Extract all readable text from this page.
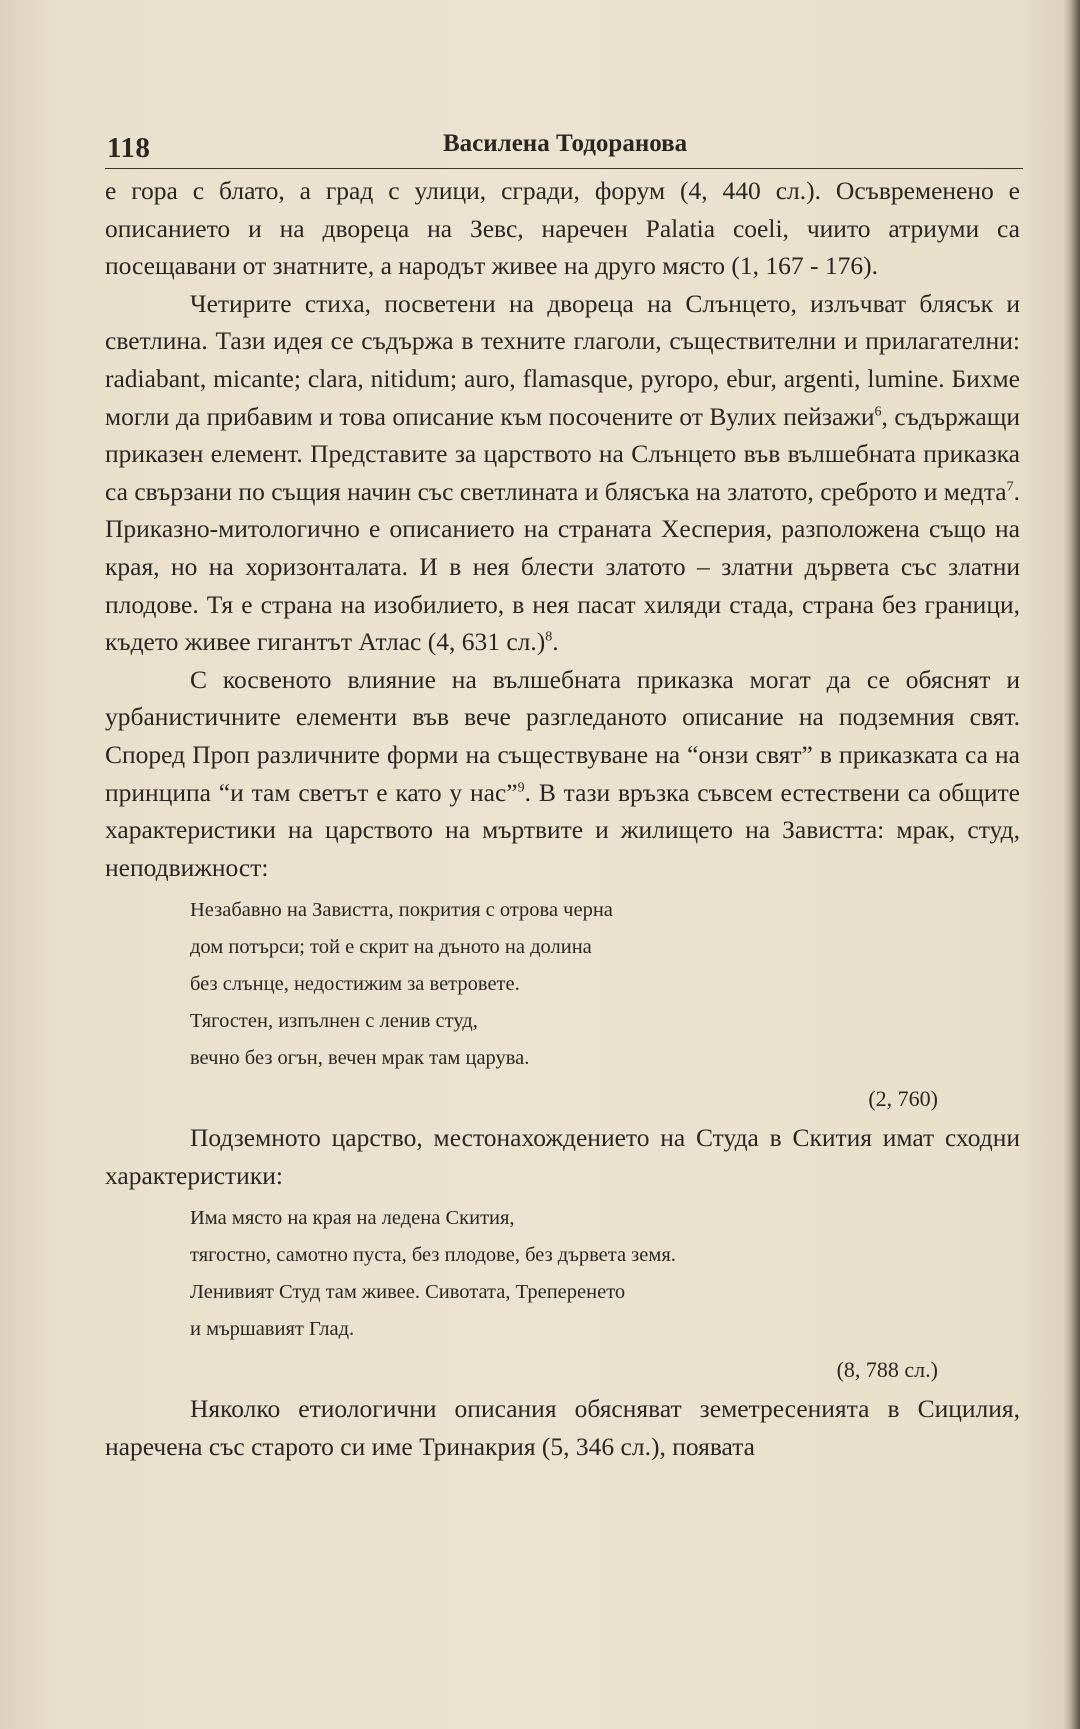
118	Василена Тодоранова

е гора с блато, а град с улици, сгради, форум (4, 440 сл.). Осъвременено е описанието и на двореца на Зевс, наречен Palatia coeli, чиито атриуми са посещавани от знатните, а народът живее на друго място (1, 167 - 176).

Четирите стиха, посветени на двореца на Слънцето, излъчват блясък и светлина. Тази идея се съдържа в техните глаголи, съществителни и прилагателни: radiabant, micante; clara, nitidum; auro, flamasque, pyropo, ebur, argenti, lumine. Бихме могли да прибавим и това описание към посочените от Вулих пейзажи$^6$, съдържащи приказен елемент. Представите за царството на Слънцето във вълшебната приказка са свързани по същия начин със светлината и блясъка на златото, среброто и медта$^7$. Приказно-митологично е описанието на страната Хесперия, разположена също на края, но на хоризонталата. И в нея блести златото – златни дървета със златни плодове. Тя е страна на изобилието, в нея пасат хиляди стада, страна без граници, където живее гигантът Атлас (4, 631 сл.)$^8$.

С косвеното влияние на вълшебната приказка могат да се обяснят и урбанистичните елементи във вече разгледаното описание на подземния свят. Според Проп различните форми на съществуване на “онзи свят” в приказката са на принципа “и там светът е като у нас”$^9$. В тази връзка съвсем естествени са общите характеристики на царството на мъртвите и жилището на Завистта: мрак, студ, неподвижност:

Незабавно на Завистта, покрития с отрова черна
дом потърси; той е скрит на дъното на долина
без слънце, недостижим за ветровете.
Тягостен, изпълнен с ленив студ,
вечно без огън, вечен мрак там царува.
(2, 760)

Подземното царство, местонахождението на Студа в Скития имат сходни характеристики:

Има място на края на ледена Скития,
тягостно, самотно пуста, без плодове, без дървета земя.
Ленивият Студ там живее. Сивотата, Треперенето
и мършавият Глад.
(8, 788 сл.)

Няколко етиологични описания обясняват земетресенията в Сицилия, наречена със старото си име Тринакрия (5, 346 сл.), появата
